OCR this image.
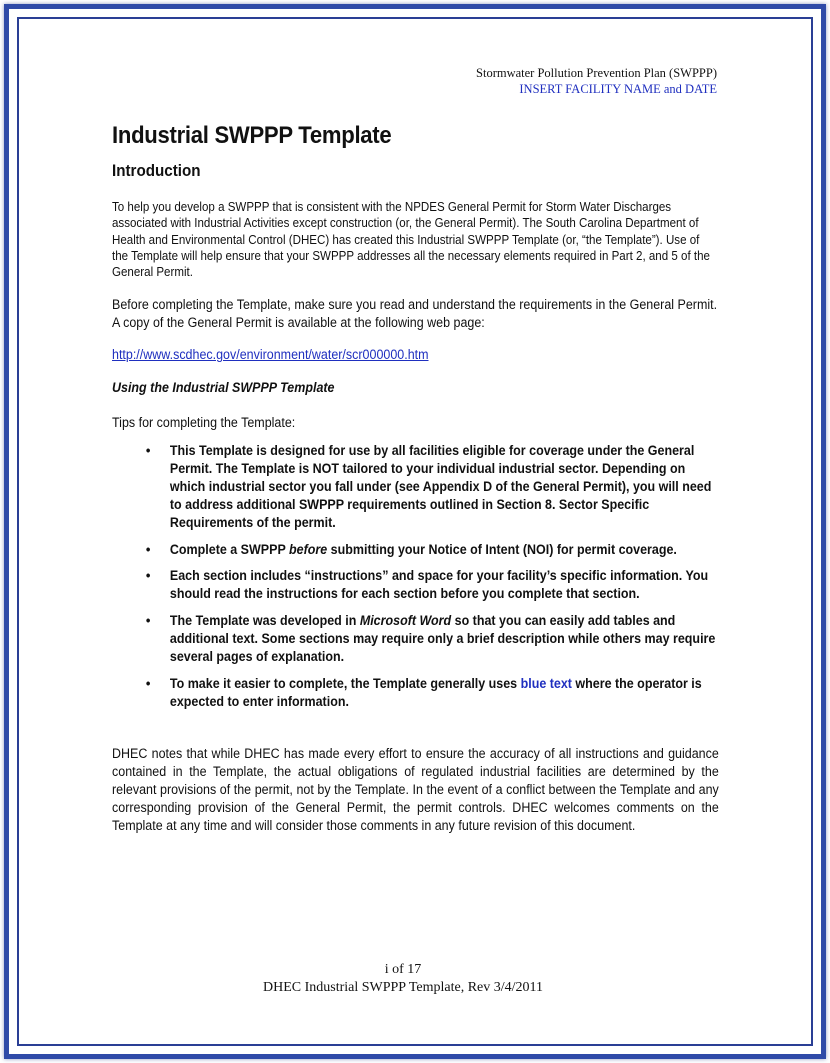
Stormwater Pollution Prevention Plan (SWPPP)
INSERT FACILITY NAME and DATE
Industrial SWPPP Template
Introduction
To help you develop a SWPPP that is consistent with the NPDES General Permit for Storm Water Discharges associated with Industrial Activities except construction (or, the General Permit). The South Carolina Department of Health and Environmental Control (DHEC) has created this Industrial SWPPP Template (or, “the Template”). Use of the Template will help ensure that your SWPPP addresses all the necessary elements required in Part 2, and 5 of the General Permit.
Before completing the Template, make sure you read and understand the requirements in the General Permit. A copy of the General Permit is available at the following web page:
http://www.scdhec.gov/environment/water/scr000000.htm
Using the Industrial SWPPP Template
Tips for completing the Template:
• This Template is designed for use by all facilities eligible for coverage under the General Permit. The Template is NOT tailored to your individual industrial sector. Depending on which industrial sector you fall under (see Appendix D of the General Permit), you will need to address additional SWPPP requirements outlined in Section 8. Sector Specific Requirements of the permit.
• Complete a SWPPP before submitting your Notice of Intent (NOI) for permit coverage.
• Each section includes “instructions” and space for your facility’s specific information. You should read the instructions for each section before you complete that section.
• The Template was developed in Microsoft Word so that you can easily add tables and additional text. Some sections may require only a brief description while others may require several pages of explanation.
• To make it easier to complete, the Template generally uses blue text where the operator is expected to enter information.
DHEC notes that while DHEC has made every effort to ensure the accuracy of all instructions and guidance contained in the Template, the actual obligations of regulated industrial facilities are determined by the relevant provisions of the permit, not by the Template. In the event of a conflict between the Template and any corresponding provision of the General Permit, the permit controls. DHEC welcomes comments on the Template at any time and will consider those comments in any future revision of this document.
i of 17
DHEC Industrial SWPPP Template, Rev 3/4/2011
